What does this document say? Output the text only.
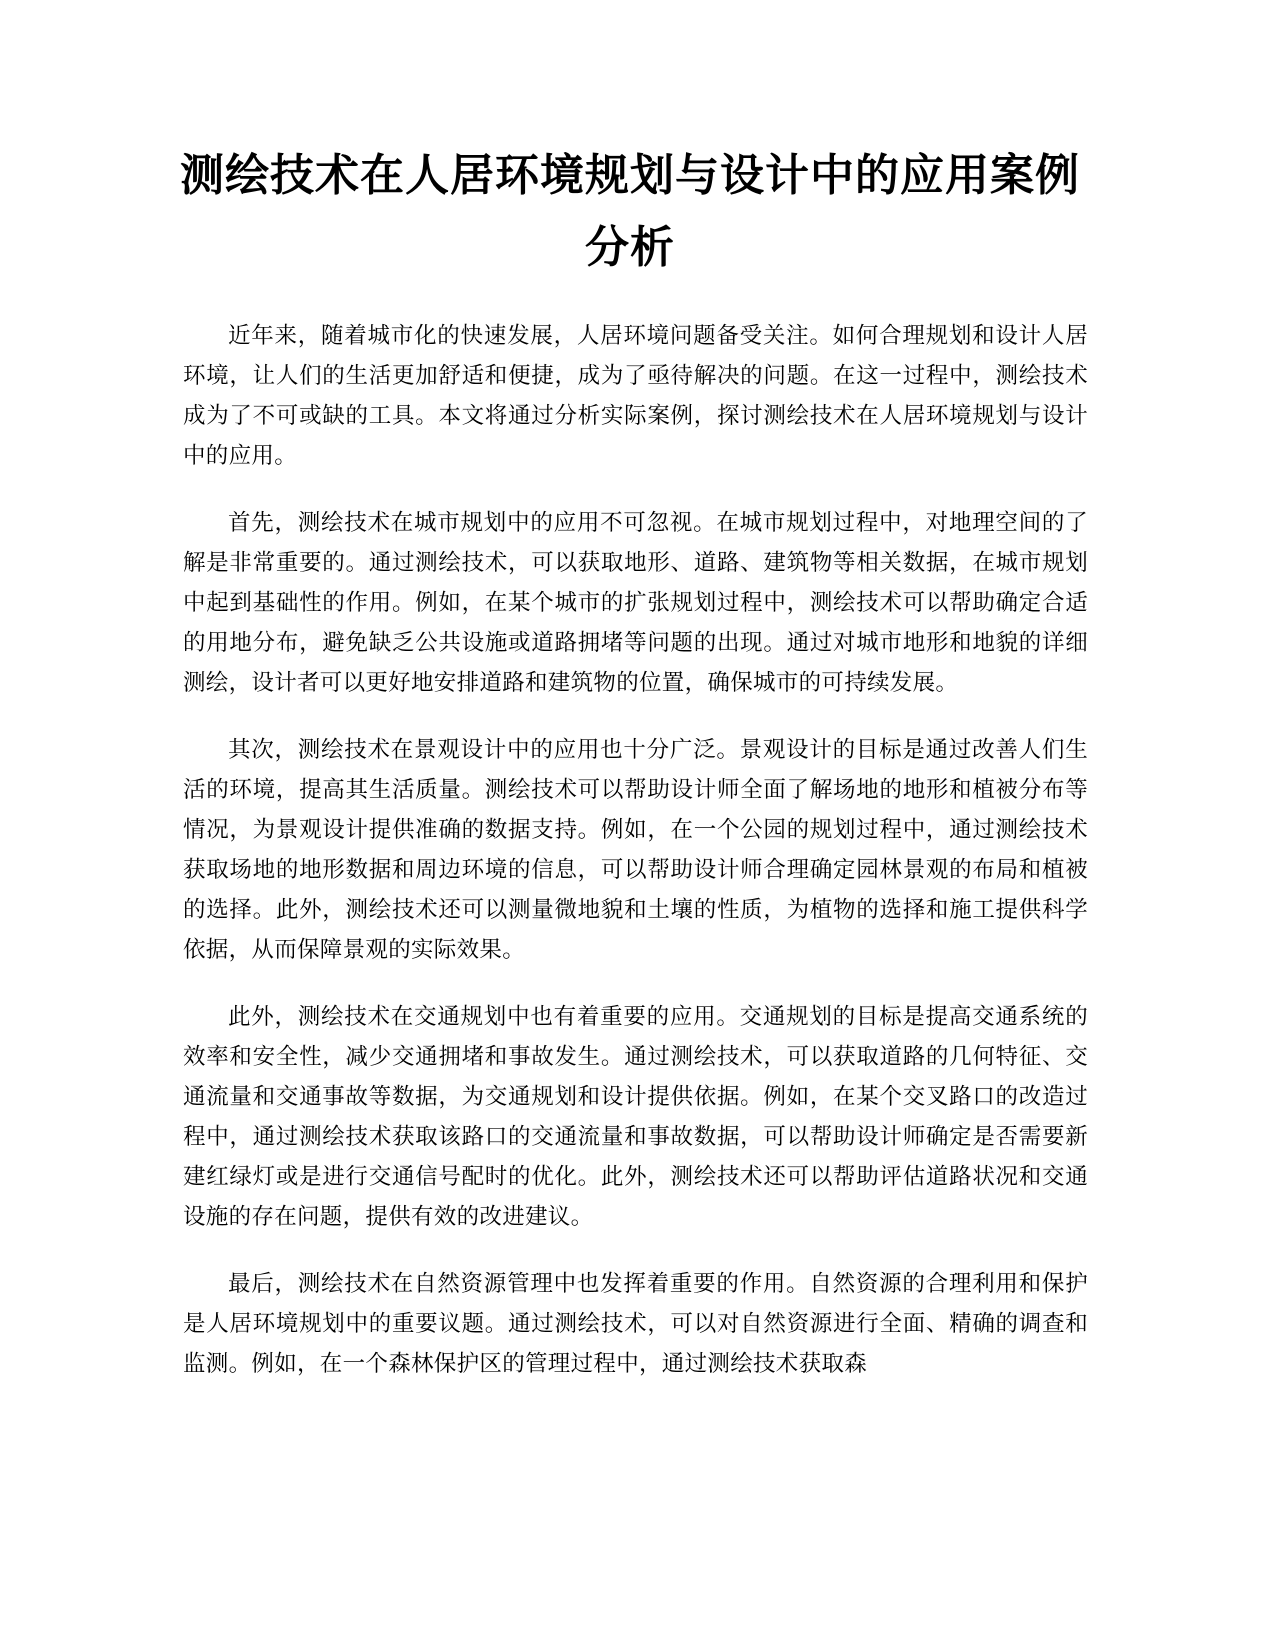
测绘技术在人居环境规划与设计中的应用案例分析

近年来，随着城市化的快速发展，人居环境问题备受关注。如何合理规划和设计人居环境，让人们的生活更加舒适和便捷，成为了亟待解决的问题。在这一过程中，测绘技术成为了不可或缺的工具。本文将通过分析实际案例，探讨测绘技术在人居环境规划与设计中的应用。

首先，测绘技术在城市规划中的应用不可忽视。在城市规划过程中，对地理空间的了解是非常重要的。通过测绘技术，可以获取地形、道路、建筑物等相关数据，在城市规划中起到基础性的作用。例如，在某个城市的扩张规划过程中，测绘技术可以帮助确定合适的用地分布，避免缺乏公共设施或道路拥堵等问题的出现。通过对城市地形和地貌的详细测绘，设计者可以更好地安排道路和建筑物的位置，确保城市的可持续发展。

其次，测绘技术在景观设计中的应用也十分广泛。景观设计的目标是通过改善人们生活的环境，提高其生活质量。测绘技术可以帮助设计师全面了解场地的地形和植被分布等情况，为景观设计提供准确的数据支持。例如，在一个公园的规划过程中，通过测绘技术获取场地的地形数据和周边环境的信息，可以帮助设计师合理确定园林景观的布局和植被的选择。此外，测绘技术还可以测量微地貌和土壤的性质，为植物的选择和施工提供科学依据，从而保障景观的实际效果。

此外，测绘技术在交通规划中也有着重要的应用。交通规划的目标是提高交通系统的效率和安全性，减少交通拥堵和事故发生。通过测绘技术，可以获取道路的几何特征、交通流量和交通事故等数据，为交通规划和设计提供依据。例如，在某个交叉路口的改造过程中，通过测绘技术获取该路口的交通流量和事故数据，可以帮助设计师确定是否需要新建红绿灯或是进行交通信号配时的优化。此外，测绘技术还可以帮助评估道路状况和交通设施的存在问题，提供有效的改进建议。

最后，测绘技术在自然资源管理中也发挥着重要的作用。自然资源的合理利用和保护是人居环境规划中的重要议题。通过测绘技术，可以对自然资源进行全面、精确的调查和监测。例如，在一个森林保护区的管理过程中，通过测绘技术获取森
